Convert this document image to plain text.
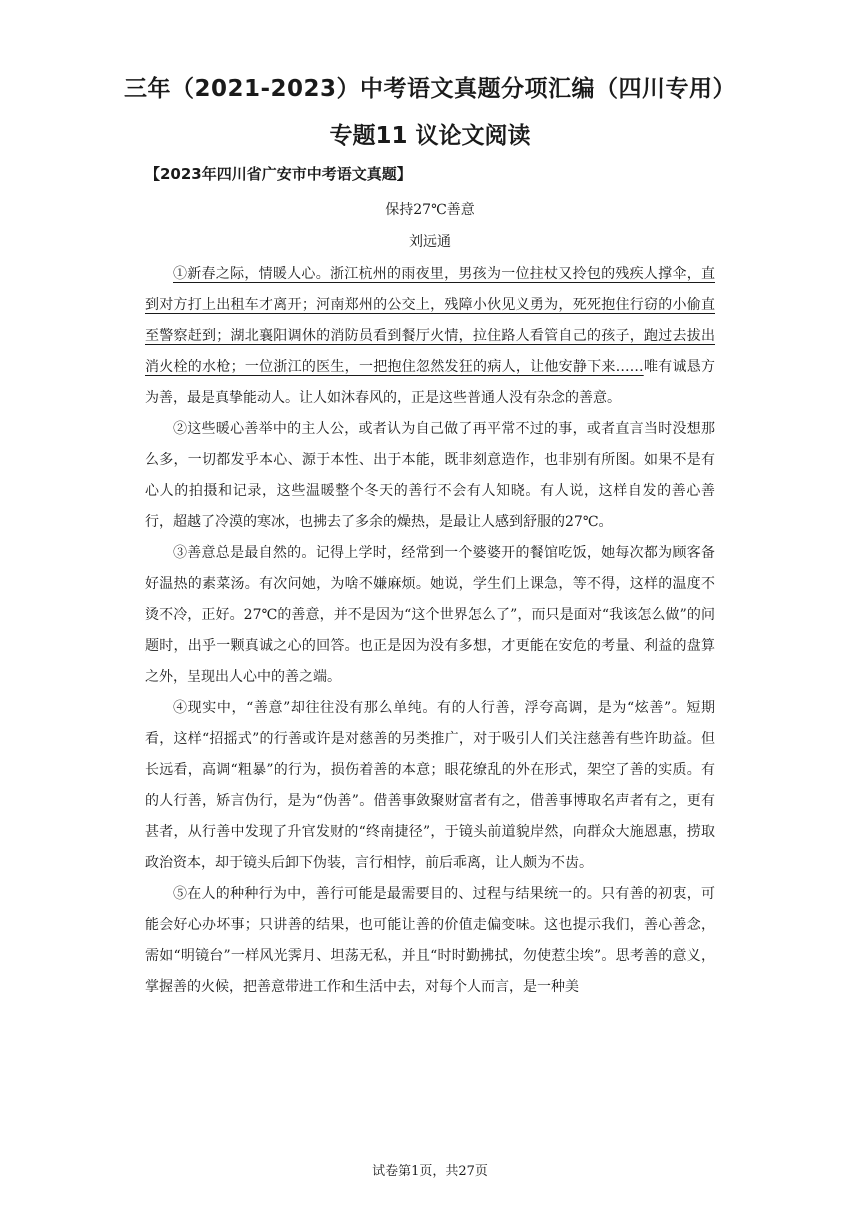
三年（2021-2023）中考语文真题分项汇编（四川专用）
专题11 议论文阅读
【2023年四川省广安市中考语文真题】
保持27℃善意
刘远通

①新春之际，情暖人心。浙江杭州的雨夜里，男孩为一位拄杖又拎包的残疾人撑伞，直到对方打上出租车才离开；河南郑州的公交上，残障小伙见义勇为，死死抱住行窃的小偷直至警察赶到；湖北襄阳调休的消防员看到餐厅火情，拉住路人看管自己的孩子，跑过去拔出消火栓的水枪；一位浙江的医生，一把抱住忽然发狂的病人，让他安静下来……唯有诚恳方为善，最是真挚能动人。让人如沐春风的，正是这些普通人没有杂念的善意。

②这些暖心善举中的主人公，或者认为自己做了再平常不过的事，或者直言当时没想那么多，一切都发乎本心、源于本性、出于本能，既非刻意造作，也非别有所图。如果不是有心人的拍摄和记录，这些温暖整个冬天的善行不会有人知晓。有人说，这样自发的善心善行，超越了冷漠的寒冰，也拂去了多余的燥热，是最让人感到舒服的27℃。

③善意总是最自然的。记得上学时，经常到一个婆婆开的餐馆吃饭，她每次都为顾客备好温热的素菜汤。有次问她，为啥不嫌麻烦。她说，学生们上课急，等不得，这样的温度不烫不冷，正好。27℃的善意，并不是因为“这个世界怎么了”，而只是面对“我该怎么做”的问题时，出乎一颗真诚之心的回答。也正是因为没有多想，才更能在安危的考量、利益的盘算之外，呈现出人心中的善之端。

④现实中，“善意”却往往没有那么单纯。有的人行善，浮夸高调，是为“炫善”。短期看，这样“招摇式”的行善或许是对慈善的另类推广，对于吸引人们关注慈善有些许助益。但长远看，高调“粗暴”的行为，损伤着善的本意；眼花缭乱的外在形式，架空了善的实质。有的人行善，矫言伪行，是为“伪善”。借善事敛聚财富者有之，借善事博取名声者有之，更有甚者，从行善中发现了升官发财的“终南捷径”，于镜头前道貌岸然，向群众大施恩惠，捞取政治资本，却于镜头后卸下伪装，言行相悖，前后乖离，让人颇为不齿。

⑤在人的种种行为中，善行可能是最需要目的、过程与结果统一的。只有善的初衷，可能会好心办坏事；只讲善的结果，也可能让善的价值走偏变味。这也提示我们，善心善念，需如“明镜台”一样风光霁月、坦荡无私，并且“时时勤拂拭，勿使惹尘埃”。思考善的意义，掌握善的火候，把善意带进工作和生活中去，对每个人而言，是一种美

试卷第1页，共27页
